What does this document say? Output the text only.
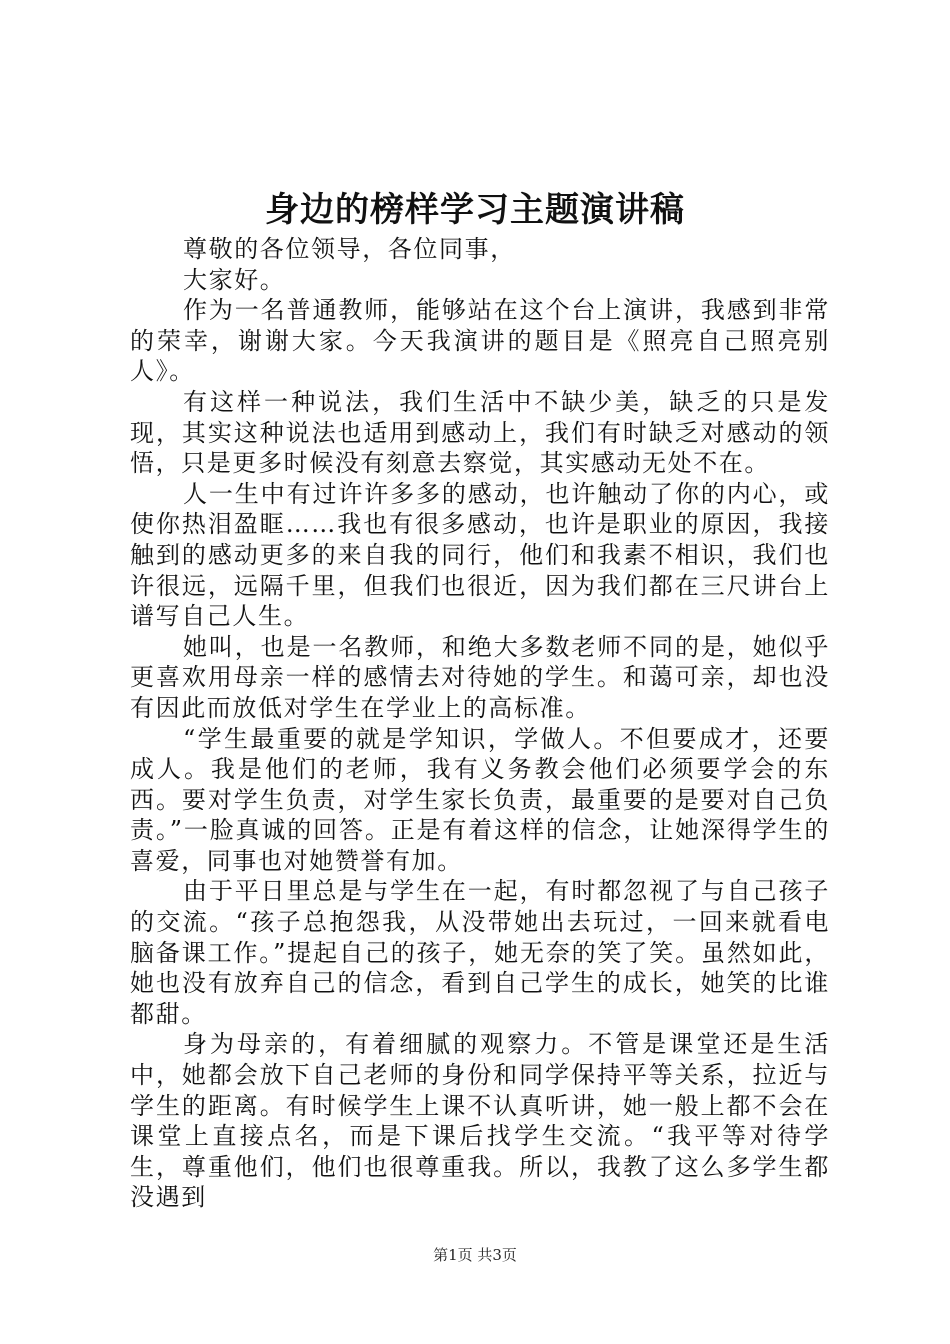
身边的榜样学习主题演讲稿

尊敬的各位领导，各位同事，

大家好。

作为一名普通教师，能够站在这个台上演讲，我感到非常的荣幸，谢谢大家。今天我演讲的题目是《照亮自己照亮别人》。

有这样一种说法，我们生活中不缺少美，缺乏的只是发现，其实这种说法也适用到感动上，我们有时缺乏对感动的领悟，只是更多时候没有刻意去察觉，其实感动无处不在。

人一生中有过许许多多的感动，也许触动了你的内心，或使你热泪盈眶……我也有很多感动，也许是职业的原因，我接触到的感动更多的来自我的同行，他们和我素不相识，我们也许很远，远隔千里，但我们也很近，因为我们都在三尺讲台上谱写自己人生。

她叫，也是一名教师，和绝大多数老师不同的是，她似乎更喜欢用母亲一样的感情去对待她的学生。和蔼可亲，却也没有因此而放低对学生在学业上的高标准。

“学生最重要的就是学知识，学做人。不但要成才，还要成人。我是他们的老师，我有义务教会他们必须要学会的东西。要对学生负责，对学生家长负责，最重要的是要对自己负责。”一脸真诚的回答。正是有着这样的信念，让她深得学生的喜爱，同事也对她赞誉有加。

由于平日里总是与学生在一起，有时都忽视了与自己孩子的交流。“孩子总抱怨我，从没带她出去玩过，一回来就看电脑备课工作。”提起自己的孩子，她无奈的笑了笑。虽然如此，她也没有放弃自己的信念，看到自己学生的成长，她笑的比谁都甜。

身为母亲的，有着细腻的观察力。不管是课堂还是生活中，她都会放下自己老师的身份和同学保持平等关系，拉近与学生的距离。有时候学生上课不认真听讲，她一般上都不会在课堂上直接点名，而是下课后找学生交流。“我平等对待学生，尊重他们，他们也很尊重我。所以，我教了这么多学生都没遇到

第1页 共3页
